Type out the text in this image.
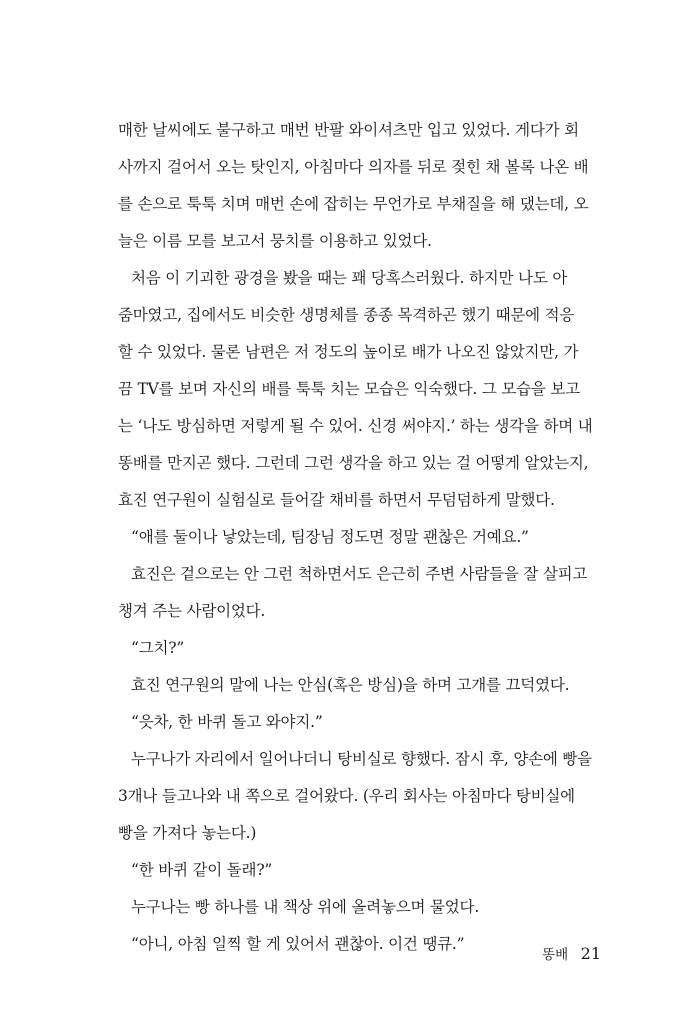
매한 날씨에도 불구하고 매번 반팔 와이셔츠만 입고 있었다. 게다가 회
사까지 걸어서 오는 탓인지, 아침마다 의자를 뒤로 젖힌 채 볼록 나온 배
를 손으로 툭툭 치며 매번 손에 잡히는 무언가로 부채질을 해 댔는데, 오
늘은 이름 모를 보고서 뭉치를 이용하고 있었다.
처음 이 기괴한 광경을 봤을 때는 꽤 당혹스러웠다. 하지만 나도 아
줌마였고, 집에서도 비슷한 생명체를 종종 목격하곤 했기 때문에 적응
할 수 있었다. 물론 남편은 저 정도의 높이로 배가 나오진 않았지만, 가
끔 TV를 보며 자신의 배를 툭툭 치는 모습은 익숙했다. 그 모습을 보고
는 ‘나도 방심하면 저렇게 될 수 있어. 신경 써야지.’ 하는 생각을 하며 내
똥배를 만지곤 했다. 그런데 그런 생각을 하고 있는 걸 어떻게 알았는지,
효진 연구원이 실험실로 들어갈 채비를 하면서 무덤덤하게 말했다.
“애를 둘이나 낳았는데, 팀장님 정도면 정말 괜찮은 거예요.”
효진은 겉으로는 안 그런 척하면서도 은근히 주변 사람들을 잘 살피고
챙겨 주는 사람이었다.
“그치?”
효진 연구원의 말에 나는 안심(혹은 방심)을 하며 고개를 끄덕였다.
“읏차, 한 바퀴 돌고 와야지.”
누구나가 자리에서 일어나더니 탕비실로 향했다. 잠시 후, 양손에 빵을
3개나 들고나와 내 쪽으로 걸어왔다. (우리 회사는 아침마다 탕비실에
빵을 가져다 놓는다.)
“한 바퀴 같이 돌래?”
누구나는 빵 하나를 내 책상 위에 올려놓으며 물었다.
“아니, 아침 일찍 할 게 있어서 괜찮아. 이건 땡큐.”
똥배 21
